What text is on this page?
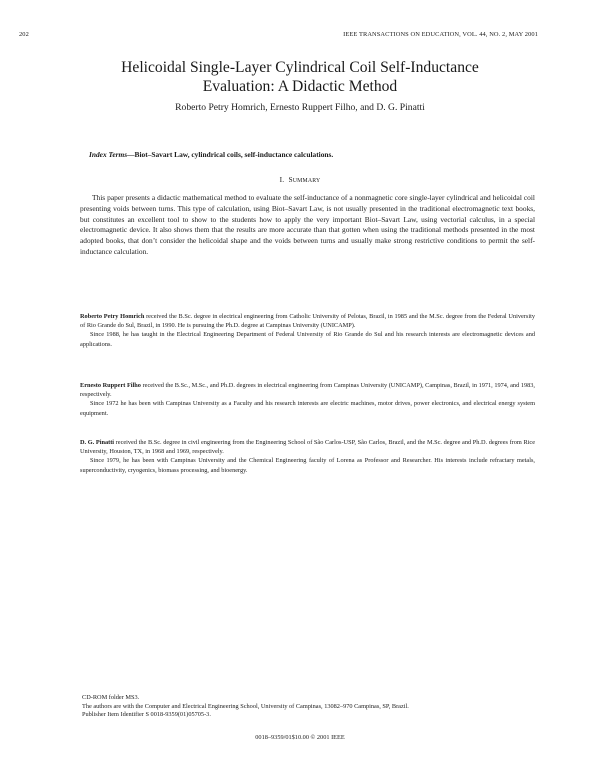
202	IEEE TRANSACTIONS ON EDUCATION, VOL. 44, NO. 2, MAY 2001
Helicoidal Single-Layer Cylindrical Coil Self-Inductance
Evaluation: A Didactic Method
Roberto Petry Homrich, Ernesto Ruppert Filho, and D. G. Pinatti
Index Terms—Biot–Savart Law, cylindrical coils, self-inductance calculations.
I. SUMMARY

This paper presents a didactic mathematical method to evaluate the self-inductance of a nonmagnetic core single-layer cylindrical and helicoidal coil presenting voids between turns. This type of calculation, using Biot–Savart Law, is not usually presented in the traditional electromagnetic text books, but constitutes an excellent tool to show to the students how to apply the very important Biot–Savart Law, using vectorial calculus, in a special electromagnetic device. It also shows them that the results are more accurate than that gotten when using the traditional methods presented in the most adopted books, that don’t consider the helicoidal shape and the voids between turns and usually make strong restrictive conditions to permit the self-inductance calculation.

Roberto Petry Homrich received the B.Sc. degree in electrical engineering from Catholic University of Pelotas, Brazil, in 1985 and the M.Sc. degree from the Federal University of Rio Grande do Sul, Brazil, in 1990. He is pursuing the Ph.D. degree at Campinas University (UNICAMP).

Since 1988, he has taught in the Electrical Engineering Department of Federal University of Rio Grande do Sul and his research interests are electromagnetic devices and applications.

Ernesto Ruppert Filho received the B.Sc., M.Sc., and Ph.D. degrees in electrical engineering from Campinas University (UNICAMP), Campinas, Brazil, in 1971, 1974, and 1983, respectively.

Since 1972 he has been with Campinas University as a Faculty and his research interests are electric machines, motor drives, power electronics, and electrical energy system equipment.

D. G. Pinatti received the B.Sc. degree in civil engineering from the Engineering School of São Carlos-USP, São Carlos, Brazil, and the M.Sc. degree and Ph.D. degrees from Rice University, Houston, TX, in 1968 and 1969, respectively.

Since 1979, he has been with Campinas University and the Chemical Engineering faculty of Lorena as Professor and Researcher. His interests include refractary metals, superconductivity, cryogenics, biomass processing, and bioenergy.

CD-ROM folder MS3.
The authors are with the Computer and Electrical Engineering School, University of Campinas, 13082–970 Campinas, SP, Brazil.
Publisher Item Identifier S 0018-9359(01)05705-3.
0018–9359/01$10.00 © 2001 IEEE
